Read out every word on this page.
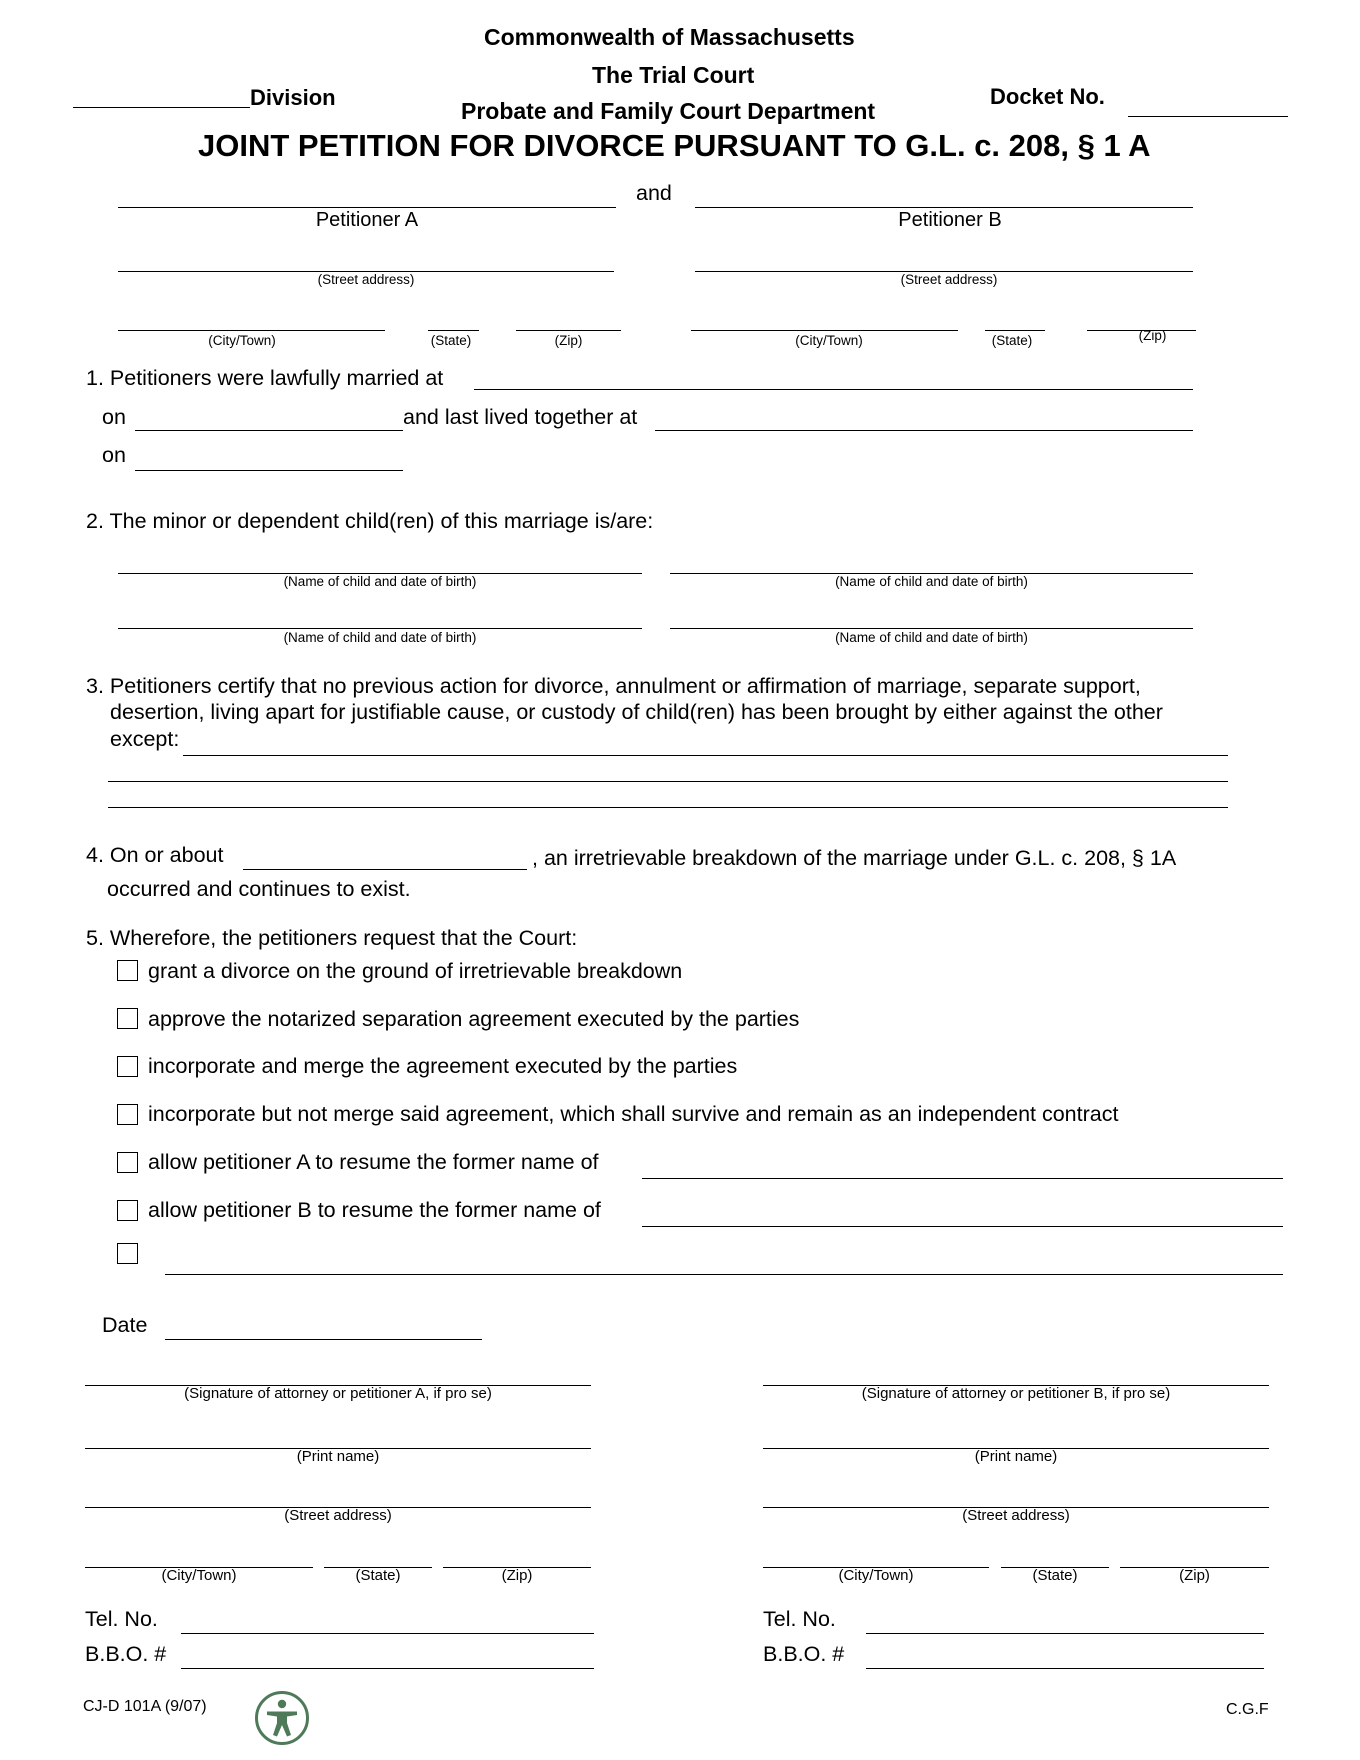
Commonwealth of Massachusetts
The Trial Court
Probate and Family Court Department
Division	Docket No.
JOINT PETITION FOR DIVORCE PURSUANT TO G.L. c. 208, § 1 A
and
Petitioner A	Petitioner B
(Street address)	(Street address)
(City/Town)	(State)	(Zip)	(City/Town)	(State)	(Zip)
1. Petitioners were lawfully married at
on	and last lived together at
on
2. The minor or dependent child(ren) of this marriage is/are:
(Name of child and date of birth)	(Name of child and date of birth)
(Name of child and date of birth)	(Name of child and date of birth)
3. Petitioners certify that no previous action for divorce, annulment or affirmation of marriage, separate support,
desertion, living apart for justifiable cause, or custody of child(ren) has been brought by either against the other
except:
4. On or about	, an irretrievable breakdown of the marriage under G.L. c. 208, § 1A
occurred and continues to exist.
5. Wherefore, the petitioners request that the Court:
grant a divorce on the ground of irretrievable breakdown
approve the notarized separation agreement executed by the parties
incorporate and merge the agreement executed by the parties
incorporate but not merge said agreement, which shall survive and remain as an independent contract
allow petitioner A to resume the former name of
allow petitioner B to resume the former name of
Date
(Signature of attorney or petitioner A, if pro se)
(Print name)
(Street address)
(City/Town)	(State)	(Zip)
Tel. No.
B.B.O. #
(Signature of attorney or petitioner B, if pro se)
(Print name)
(Street address)
(City/Town)	(State)	(Zip)
Tel. No.
B.B.O. #
CJ-D 101A (9/07)	C.G.F
